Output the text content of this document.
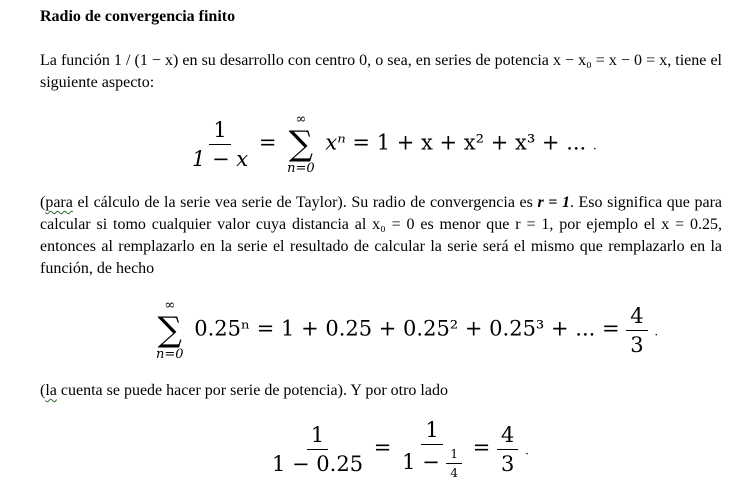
Radio de convergencia finito
La función 1 / (1 − x) en su desarrollo con centro 0, o sea, en series de potencia x − x₀ = x − 0 = x, tiene el siguiente aspecto:
$\frac{1}{1 - x}$ =
∞
∑
n=0
xⁿ = 1 + x + x² + x³ + ... .
(para el cálculo de la serie vea serie de Taylor). Su radio de convergencia es r = 1. Eso significa que para calcular si tomo cualquier valor cuya distancia al x₀ = 0 es menor que r = 1, por ejemplo el x = 0.25, entonces al remplazarlo en la serie el resultado de calcular la serie será el mismo que remplazarlo en la función, de hecho
∞
∑
n=0
0.25ⁿ = 1 + 0.25 + 0.25² + 0.25³ + ... = $\frac{4}{3}$ .
(la cuenta se puede hacer por serie de potencia). Y por otro lado
$\frac{1}{1 - 0.25} = \frac{1}{1 - \frac{1}{4}} = \frac{4}{3}$ .
